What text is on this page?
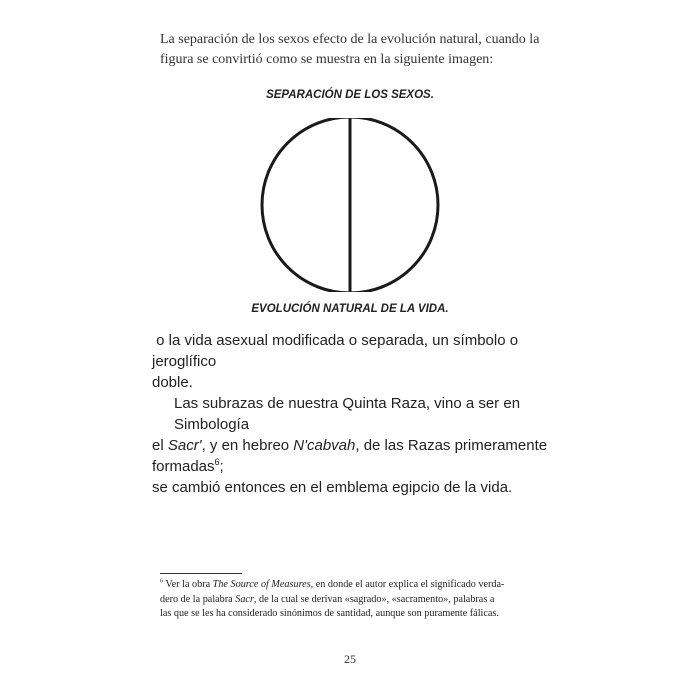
La separación de los sexos efecto de la evolución natural, cuando la
figura se convirtió como se muestra en la siguiente imagen:

SEPARACIÓN DE LOS SEXOS.

EVOLUCIÓN NATURAL DE LA VIDA.

o la vida asexual modificada o separada, un símbolo o jeroglífico
doble.
Las subrazas de nuestra Quinta Raza, vino a ser en Simbología
el Sacr', y en hebreo N'cabvah, de las Razas primeramente formadas$^6$;
se cambió entonces en el emblema egipcio de la vida.

$^6$ Ver la obra The Source of Measures, en donde el autor explica el significado verda-
dero de la palabra Sacr, de la cual se derivan «sagrado», «sacramento», palabras a
las que se les ha considerado sinónimos de santidad, aunque son puramente fálicas.

25
